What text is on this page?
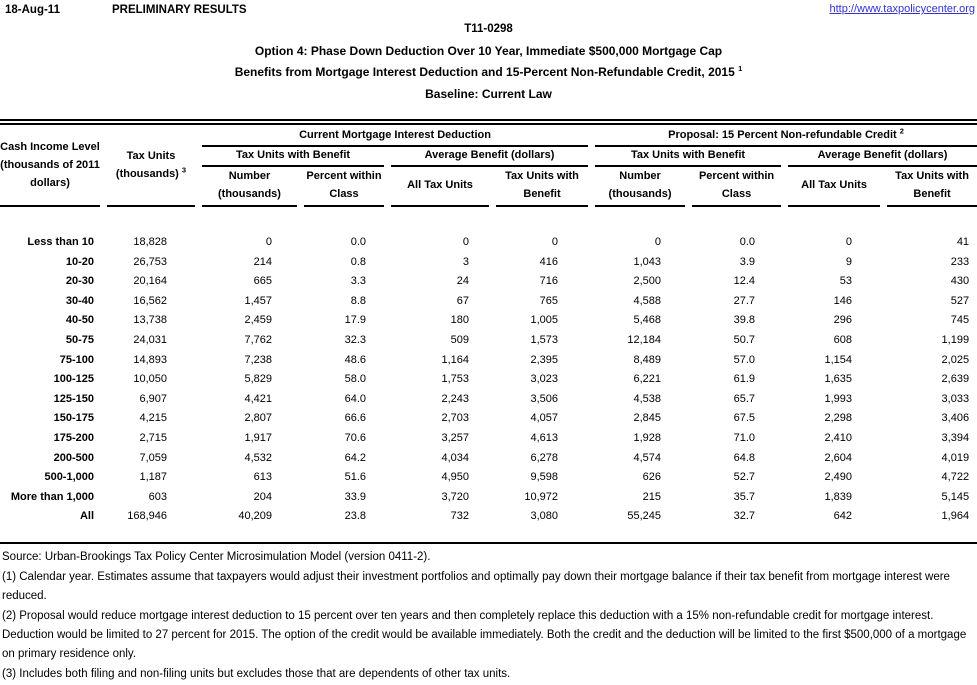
18-Aug-11	PRELIMINARY RESULTS	http://www.taxpolicycenter.org
T11-0298
Option 4: Phase Down Deduction Over 10 Year, Immediate $500,000 Mortgage Cap
Benefits from Mortgage Interest Deduction and 15-Percent Non-Refundable Credit, 2015 $^1$
Baseline: Current Law
Cash Income Level (thousands of 2011 dollars)	Tax Units (thousands) $^3$	Current Mortgage Interest Deduction				Proposal: 15 Percent Non-refundable Credit $^2$
		Tax Units with Benefit		Average Benefit (dollars)		Tax Units with Benefit		Average Benefit (dollars)	
		Number (thousands)	Percent within Class	All Tax Units	Tax Units with Benefit	Number (thousands)	Percent within Class	All Tax Units	Tax Units with Benefit

Less than 10	18,828	0	0.0	0	0	0	0.0	0	41
10-20	26,753	214	0.8	3	416	1,043	3.9	9	233
20-30	20,164	665	3.3	24	716	2,500	12.4	53	430
30-40	16,562	1,457	8.8	67	765	4,588	27.7	146	527
40-50	13,738	2,459	17.9	180	1,005	5,468	39.8	296	745
50-75	24,031	7,762	32.3	509	1,573	12,184	50.7	608	1,199
75-100	14,893	7,238	48.6	1,164	2,395	8,489	57.0	1,154	2,025
100-125	10,050	5,829	58.0	1,753	3,023	6,221	61.9	1,635	2,639
125-150	6,907	4,421	64.0	2,243	3,506	4,538	65.7	1,993	3,033
150-175	4,215	2,807	66.6	2,703	4,057	2,845	67.5	2,298	3,406
175-200	2,715	1,917	70.6	3,257	4,613	1,928	71.0	2,410	3,394
200-500	7,059	4,532	64.2	4,034	6,278	4,574	64.8	2,604	4,019
500-1,000	1,187	613	51.6	4,950	9,598	626	52.7	2,490	4,722
More than 1,000	603	204	33.9	3,720	10,972	215	35.7	1,839	5,145
All	168,946	40,209	23.8	732	3,080	55,245	32.7	642	1,964

Source: Urban-Brookings Tax Policy Center Microsimulation Model (version 0411-2).

(1) Calendar year. Estimates assume that taxpayers would adjust their investment portfolios and optimally pay down their mortgage balance if their tax benefit from mortgage interest were reduced.

(2) Proposal would reduce mortgage interest deduction to 15 percent over ten years and then completely replace this deduction with a 15% non-refundable credit for mortgage interest. Deduction would be limited to 27 percent for 2015. The option of the credit would be available immediately. Both the credit and the deduction will be limited to the first $500,000 of a mortgage on primary residence only.

(3) Includes both filing and non-filing units but excludes those that are dependents of other tax units.
